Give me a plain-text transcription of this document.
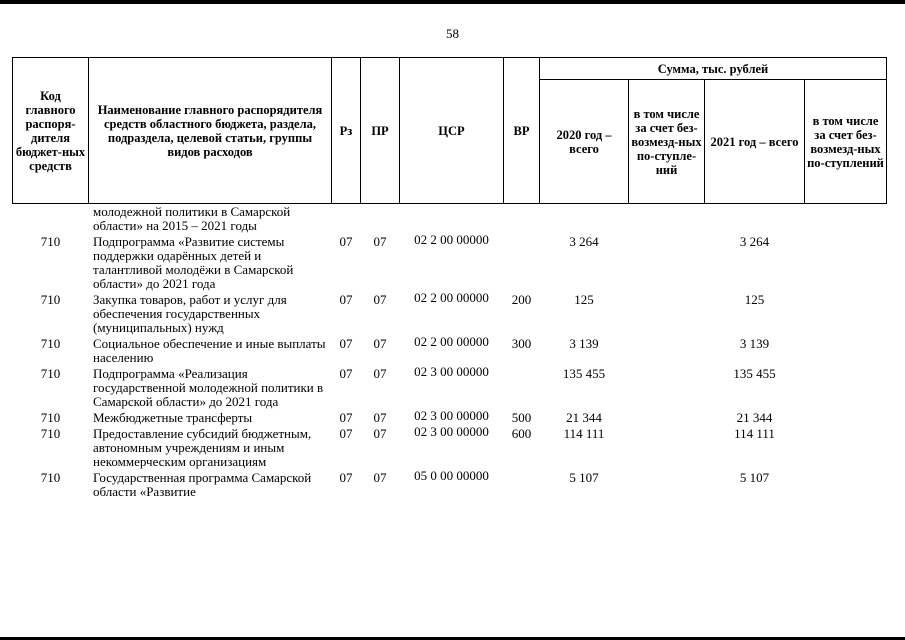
58
Код главного распоря-дителя бюджет-ных средств	Наименование главного распорядителя средств областного бюджета, раздела, подраздела, целевой статьи, группы видов расходов	Рз	ПР	ЦСР	ВР	Сумма, тыс. рублей			
						2020 год – всего	в том числе за счет без-возмезд-ных по-ступле-ний	2021 год – всего	в том числе за счет без-возмезд-ных по-ступлений
	молодежной политики в Самарской области» на 2015 – 2021 годы								
710	Подпрограмма «Развитие системы поддержки одарённых детей и талантливой молодёжи в Самарской области» до 2021 года	07	07	02 2 00 00000		3 264		3 264	
710	Закупка товаров, работ и услуг для обеспечения государственных (муниципальных) нужд	07	07	02 2 00 00000	200	125		125	
710	Социальное обеспечение и иные выплаты населению	07	07	02 2 00 00000	300	3 139		3 139	
710	Подпрограмма «Реализация государственной молодежной политики в Самарской области» до 2021 года	07	07	02 3 00 00000		135 455		135 455	
710	Межбюджетные трансферты	07	07	02 3 00 00000	500	21 344		21 344	
710	Предоставление субсидий бюджетным, автономным учреждениям и иным некоммерческим организациям	07	07	02 3 00 00000	600	114 111		114 111	
710	Государственная программа Самарской области «Развитие	07	07	05 0 00 00000		5 107		5 107	
